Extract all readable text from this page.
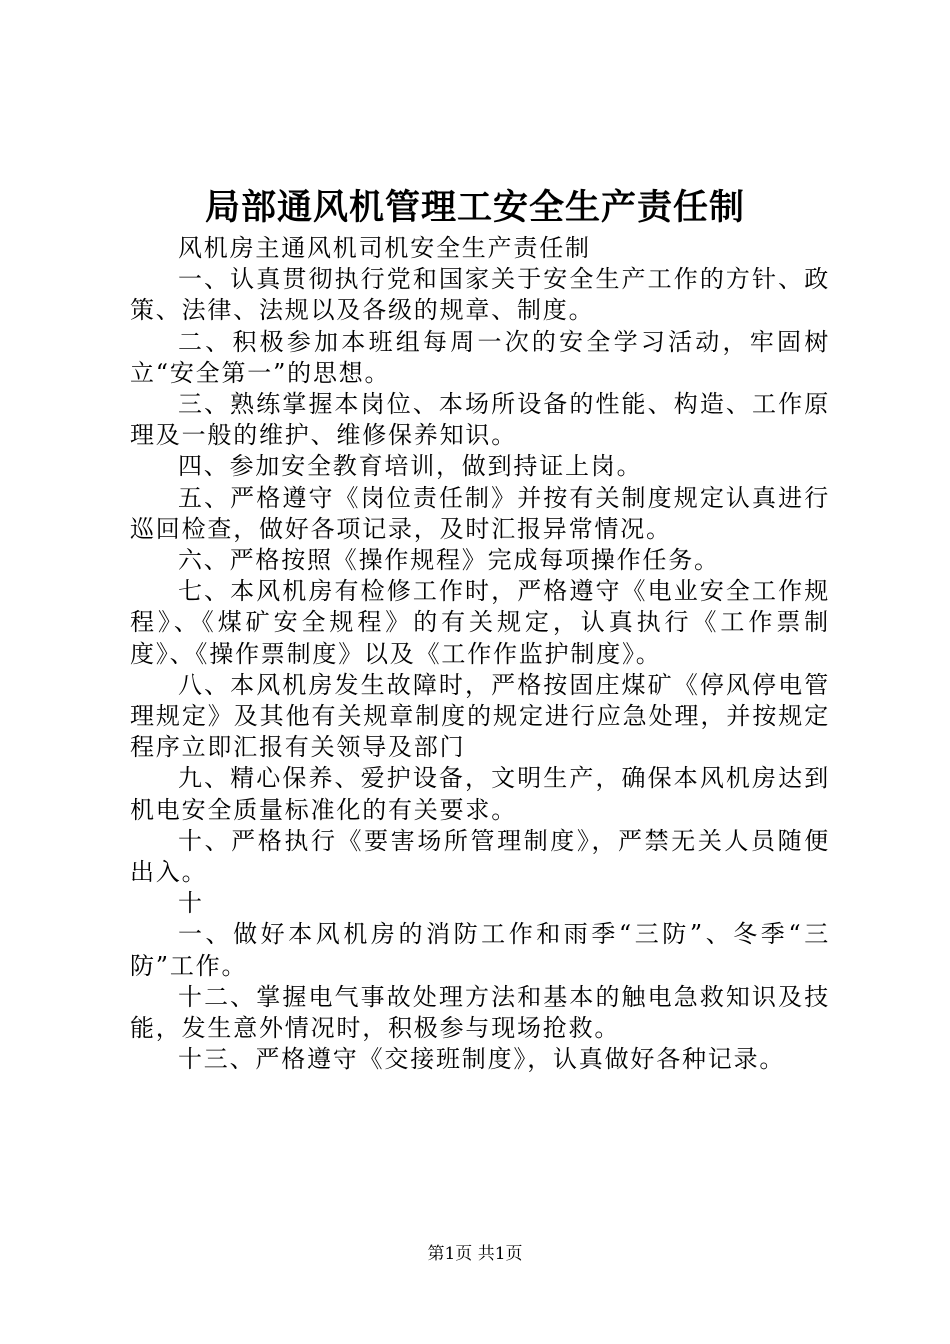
局部通风机管理工安全生产责任制

风机房主通风机司机安全生产责任制

一、认真贯彻执行党和国家关于安全生产工作的方针、政策、法律、法规以及各级的规章、制度。

二、积极参加本班组每周一次的安全学习活动，牢固树立“安全第一”的思想。

三、熟练掌握本岗位、本场所设备的性能、构造、工作原理及一般的维护、维修保养知识。

四、参加安全教育培训，做到持证上岗。

五、严格遵守《岗位责任制》并按有关制度规定认真进行巡回检查，做好各项记录，及时汇报异常情况。

六、严格按照《操作规程》完成每项操作任务。

七、本风机房有检修工作时，严格遵守《电业安全工作规程》、《煤矿安全规程》的有关规定，认真执行《工作票制度》、《操作票制度》以及《工作作监护制度》。

八、本风机房发生故障时，严格按固庄煤矿《停风停电管理规定》及其他有关规章制度的规定进行应急处理，并按规定程序立即汇报有关领导及部门

九、精心保养、爱护设备，文明生产，确保本风机房达到机电安全质量标准化的有关要求。

十、严格执行《要害场所管理制度》，严禁无关人员随便出入。

十

一、做好本风机房的消防工作和雨季“三防”、冬季“三防”工作。

十二、掌握电气事故处理方法和基本的触电急救知识及技能，发生意外情况时，积极参与现场抢救。

十三、严格遵守《交接班制度》，认真做好各种记录。

第1页 共1页
